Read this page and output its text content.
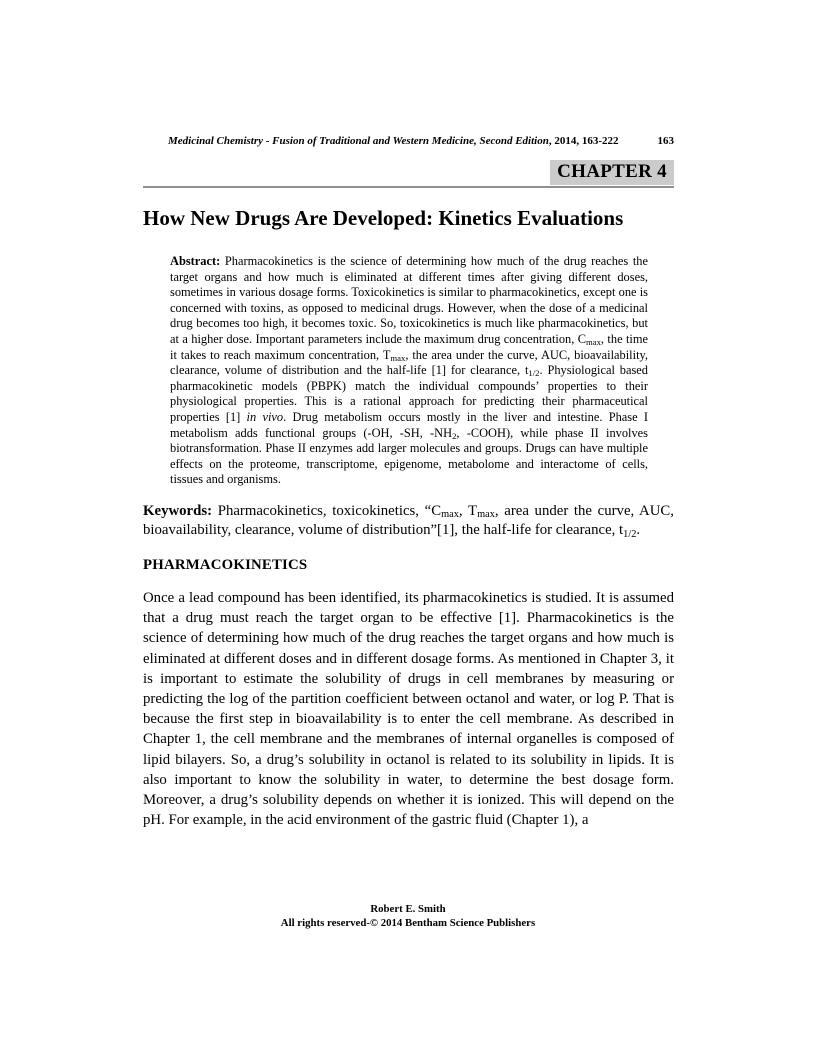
Medicinal Chemistry - Fusion of Traditional and Western Medicine, Second Edition, 2014, 163-222	163
CHAPTER 4
How New Drugs Are Developed: Kinetics Evaluations

Abstract: Pharmacokinetics is the science of determining how much of the drug reaches the target organs and how much is eliminated at different times after giving different doses, sometimes in various dosage forms. Toxicokinetics is similar to pharmacokinetics, except one is concerned with toxins, as opposed to medicinal drugs. However, when the dose of a medicinal drug becomes too high, it becomes toxic. So, toxicokinetics is much like pharmacokinetics, but at a higher dose. Important parameters include the maximum drug concentration, $C_{max}$, the time it takes to reach maximum concentration, $T_{max}$, the area under the curve, AUC, bioavailability, clearance, volume of distribution and the half-life [1] for clearance, $t_{1/2}$. Physiological based pharmacokinetic models (PBPK) match the individual compounds’ properties to their physiological properties. This is a rational approach for predicting their pharmaceutical properties [1] in vivo. Drug metabolism occurs mostly in the liver and intestine. Phase I metabolism adds functional groups (-OH, -SH, $-NH_2$, -COOH), while phase II involves biotransformation. Phase II enzymes add larger molecules and groups. Drugs can have multiple effects on the proteome, transcriptome, epigenome, metabolome and interactome of cells, tissues and organisms.

Keywords: Pharmacokinetics, toxicokinetics, “$C_{max}$, $T_{max}$, area under the curve, AUC, bioavailability, clearance, volume of distribution”[1], the half-life for clearance, $t_{1/2}$.

PHARMACOKINETICS

Once a lead compound has been identified, its pharmacokinetics is studied. It is assumed that a drug must reach the target organ to be effective [1]. Pharmacokinetics is the science of determining how much of the drug reaches the target organs and how much is eliminated at different doses and in different dosage forms. As mentioned in Chapter 3, it is important to estimate the solubility of drugs in cell membranes by measuring or predicting the log of the partition coefficient between octanol and water, or log P. That is because the first step in bioavailability is to enter the cell membrane. As described in Chapter 1, the cell membrane and the membranes of internal organelles is composed of lipid bilayers. So, a drug’s solubility in octanol is related to its solubility in lipids. It is also important to know the solubility in water, to determine the best dosage form. Moreover, a drug’s solubility depends on whether it is ionized. This will depend on the pH. For example, in the acid environment of the gastric fluid (Chapter 1), a

Robert E. Smith
All rights reserved-© 2014 Bentham Science Publishers
